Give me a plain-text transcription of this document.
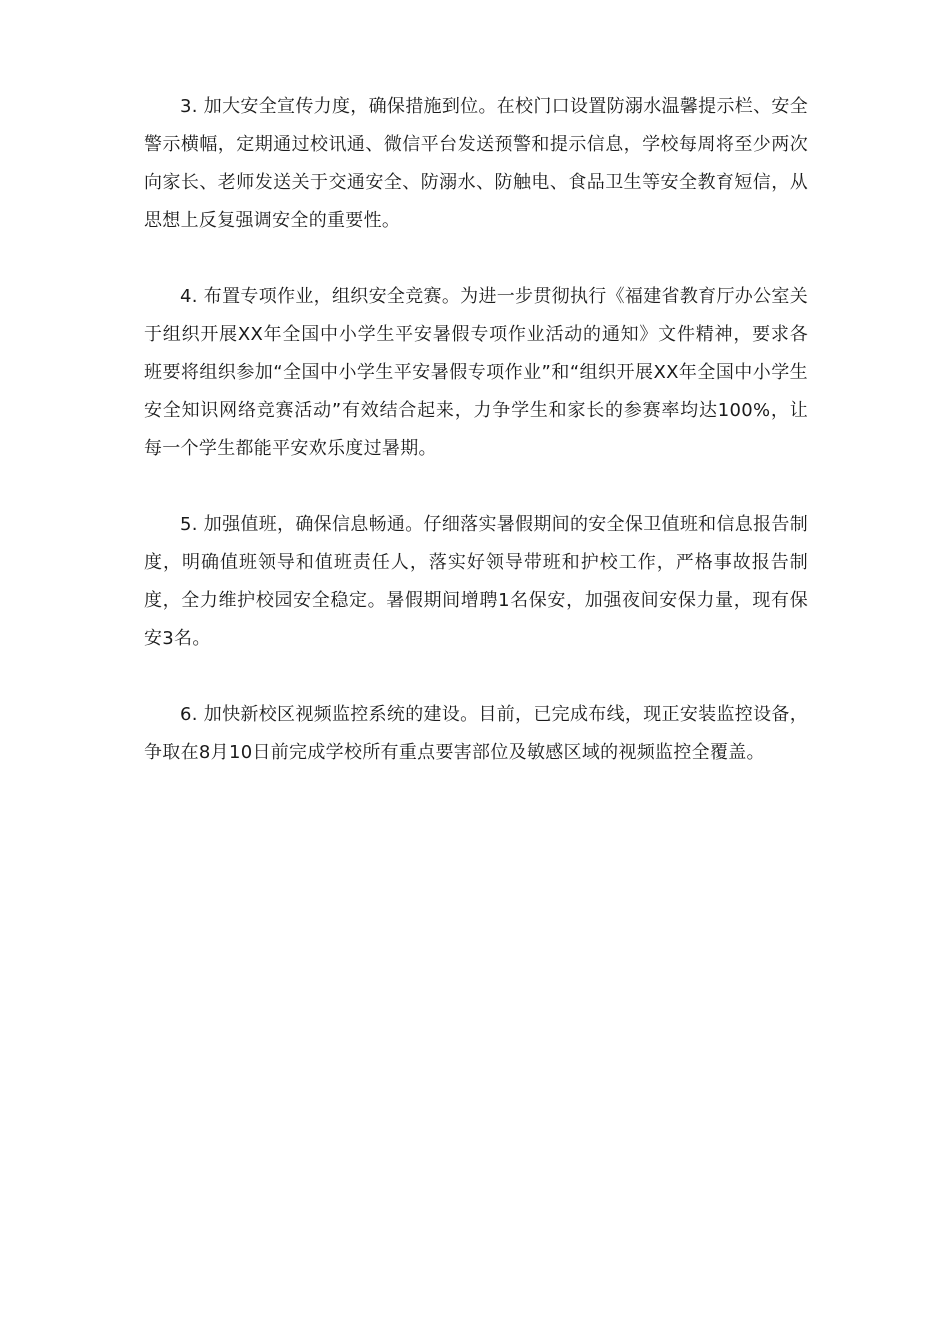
3. 加大安全宣传力度，确保措施到位。在校门口设置防溺水温馨提示栏、安全警示横幅，定期通过校讯通、微信平台发送预警和提示信息，学校每周将至少两次向家长、老师发送关于交通安全、防溺水、防触电、食品卫生等安全教育短信，从思想上反复强调安全的重要性。

4. 布置专项作业，组织安全竞赛。为进一步贯彻执行《福建省教育厅办公室关于组织开展XX年全国中小学生平安暑假专项作业活动的通知》文件精神，要求各班要将组织参加“全国中小学生平安暑假专项作业”和“组织开展XX年全国中小学生安全知识网络竞赛活动”有效结合起来，力争学生和家长的参赛率均达100%，让每一个学生都能平安欢乐度过暑期。

5. 加强值班，确保信息畅通。仔细落实暑假期间的安全保卫值班和信息报告制度，明确值班领导和值班责任人，落实好领导带班和护校工作，严格事故报告制度，全力维护校园安全稳定。暑假期间增聘1名保安，加强夜间安保力量，现有保安3名。

6. 加快新校区视频监控系统的建设。目前，已完成布线，现正安装监控设备，争取在8月10日前完成学校所有重点要害部位及敏感区域的视频监控全覆盖。
